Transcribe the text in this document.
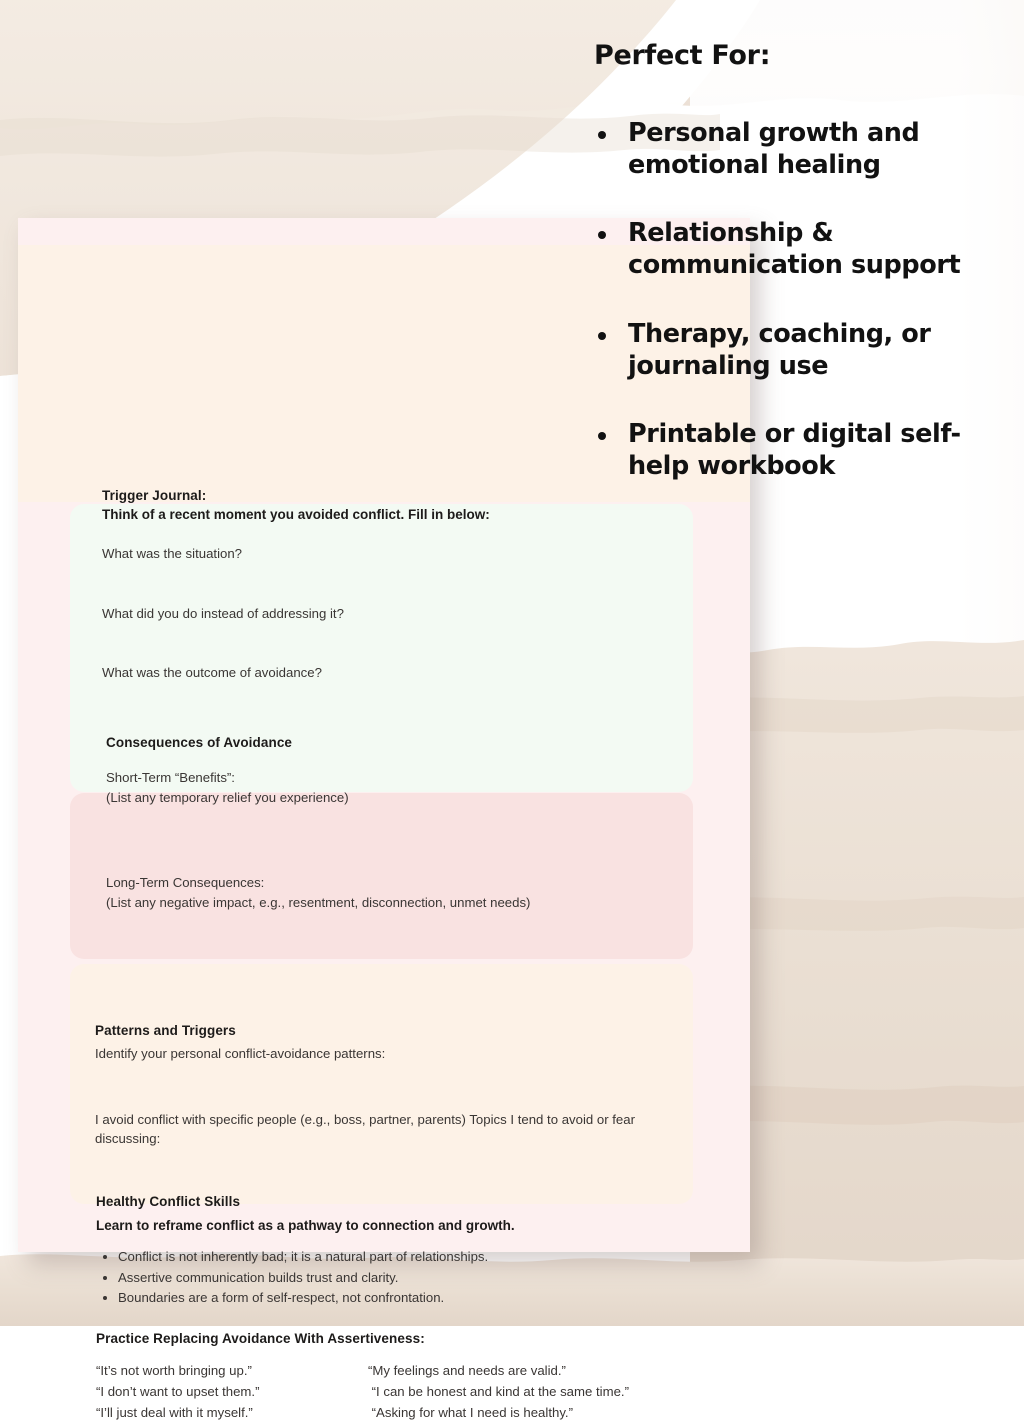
Trigger Journal:
Think of a recent moment you avoided conflict. Fill in below:
What was the situation?
What did you do instead of addressing it?
What was the outcome of avoidance?
Consequences of Avoidance
Short-Term “Benefits”:
(List any temporary relief you experience)
Long-Term Consequences:
(List any negative impact, e.g., resentment, disconnection, unmet needs)
Patterns and Triggers
Identify your personal conflict-avoidance patterns:
I avoid conflict with specific people (e.g., boss, partner, parents) Topics I tend to avoid or fear discussing:
Healthy Conflict Skills
Learn to reframe conflict as a pathway to connection and growth.
• Conflict is not inherently bad; it is a natural part of relationships.
• Assertive communication builds trust and clarity.
• Boundaries are a form of self-respect, not confrontation.
Practice Replacing Avoidance With Assertiveness:
“It’s not worth bringing up.”
“I don’t want to upset them.”
“I’ll just deal with it myself.”
“My feelings and needs are valid.”
“I can be honest and kind at the same time.”
“Asking for what I need is healthy.”
Perfect For:
Personal growth and emotional healing
Relationship & communication support
Therapy, coaching, or journaling use
Printable or digital self-help workbook
